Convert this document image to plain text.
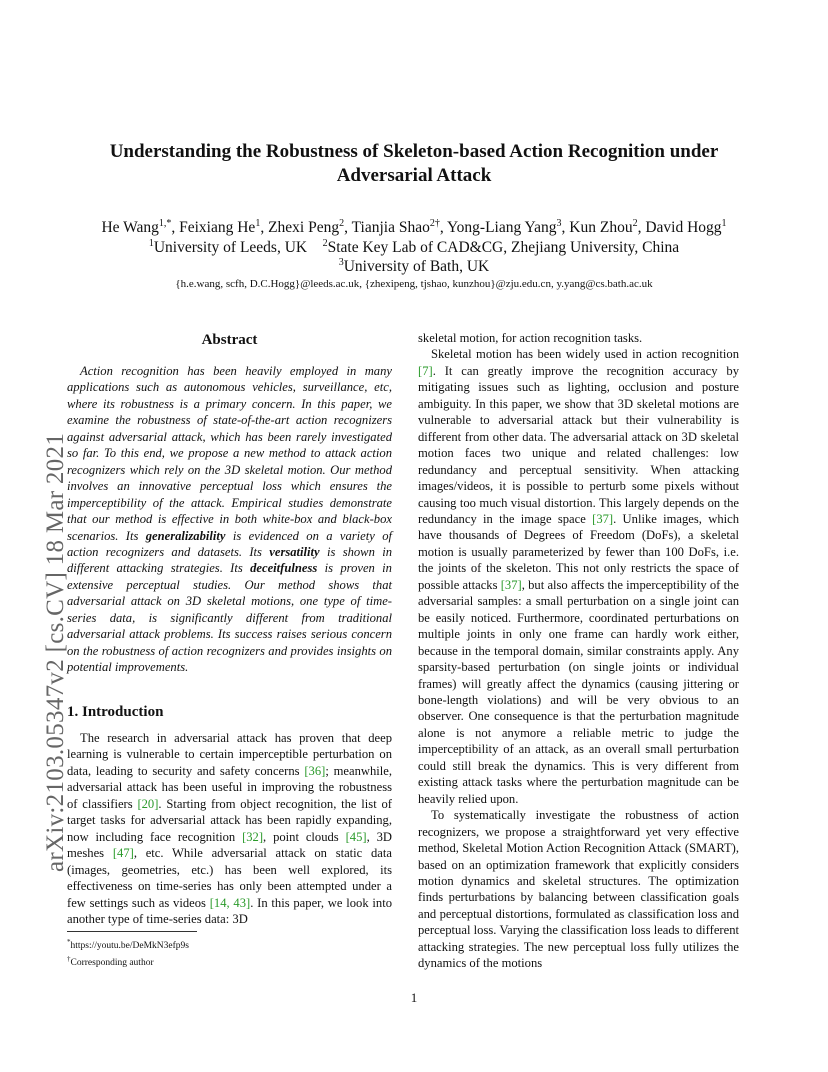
arXiv:2103.05347v2 [cs.CV] 18 Mar 2021
Understanding the Robustness of Skeleton-based Action Recognition under
Adversarial Attack
He Wang$^{1,*}$, Feixiang He$^1$, Zhexi Peng$^2$, Tianjia Shao$^{2\dagger}$, Yong-Liang Yang$^3$, Kun Zhou$^2$, David Hogg$^1$
$^1$University of Leeds, UK $^2$State Key Lab of CAD&CG, Zhejiang University, China
$^3$University of Bath, UK
{h.e.wang, scfh, D.C.Hogg}@leeds.ac.uk, {zhexipeng, tjshao, kunzhou}@zju.edu.cn, y.yang@cs.bath.ac.uk
Abstract

Action recognition has been heavily employed in many applications such as autonomous vehicles, surveillance, etc, where its robustness is a primary concern. In this paper, we examine the robustness of state-of-the-art action recognizers against adversarial attack, which has been rarely investigated so far. To this end, we propose a new method to attack action recognizers which rely on the 3D skeletal motion. Our method involves an innovative perceptual loss which ensures the imperceptibility of the attack. Empirical studies demonstrate that our method is effective in both white-box and black-box scenarios. Its generalizability is evidenced on a variety of action recognizers and datasets. Its versatility is shown in different attacking strategies. Its deceitfulness is proven in extensive perceptual studies. Our method shows that adversarial attack on 3D skeletal motions, one type of time-series data, is significantly different from traditional adversarial attack problems. Its success raises serious concern on the robustness of action recognizers and provides insights on potential improvements.

1. Introduction

The research in adversarial attack has proven that deep learning is vulnerable to certain imperceptible perturbation on data, leading to security and safety concerns [36]; meanwhile, adversarial attack has been useful in improving the robustness of classifiers [20]. Starting from object recognition, the list of target tasks for adversarial attack has been rapidly expanding, now including face recognition [32], point clouds [45], 3D meshes [47], etc. While adversarial attack on static data (images, geometries, etc.) has been well explored, its effectiveness on time-series has only been attempted under a few settings such as videos [14, 43]. In this paper, we look into another type of time-series data: 3D

skeletal motion, for action recognition tasks.

Skeletal motion has been widely used in action recognition [7]. It can greatly improve the recognition accuracy by mitigating issues such as lighting, occlusion and posture ambiguity. In this paper, we show that 3D skeletal motions are vulnerable to adversarial attack but their vulnerability is different from other data. The adversarial attack on 3D skeletal motion faces two unique and related challenges: low redundancy and perceptual sensitivity. When attacking images/videos, it is possible to perturb some pixels without causing too much visual distortion. This largely depends on the redundancy in the image space [37]. Unlike images, which have thousands of Degrees of Freedom (DoFs), a skeletal motion is usually parameterized by fewer than 100 DoFs, i.e. the joints of the skeleton. This not only restricts the space of possible attacks [37], but also affects the imperceptibility of the adversarial samples: a small perturbation on a single joint can be easily noticed. Furthermore, coordinated perturbations on multiple joints in only one frame can hardly work either, because in the temporal domain, similar constraints apply. Any sparsity-based perturbation (on single joints or individual frames) will greatly affect the dynamics (causing jittering or bone-length violations) and will be very obvious to an observer. One consequence is that the perturbation magnitude alone is not anymore a reliable metric to judge the imperceptibility of an attack, as an overall small perturbation could still break the dynamics. This is very different from existing attack tasks where the perturbation magnitude can be heavily relied upon.

To systematically investigate the robustness of action recognizers, we propose a straightforward yet very effective method, Skeletal Motion Action Recognition Attack (SMART), based on an optimization framework that explicitly considers motion dynamics and skeletal structures. The optimization finds perturbations by balancing between classification goals and perceptual distortions, formulated as classification loss and perceptual loss. Varying the classification loss leads to different attacking strategies. The new perceptual loss fully utilizes the dynamics of the motions

*https://youtu.be/DeMkN3efp9s
†Corresponding author
1
